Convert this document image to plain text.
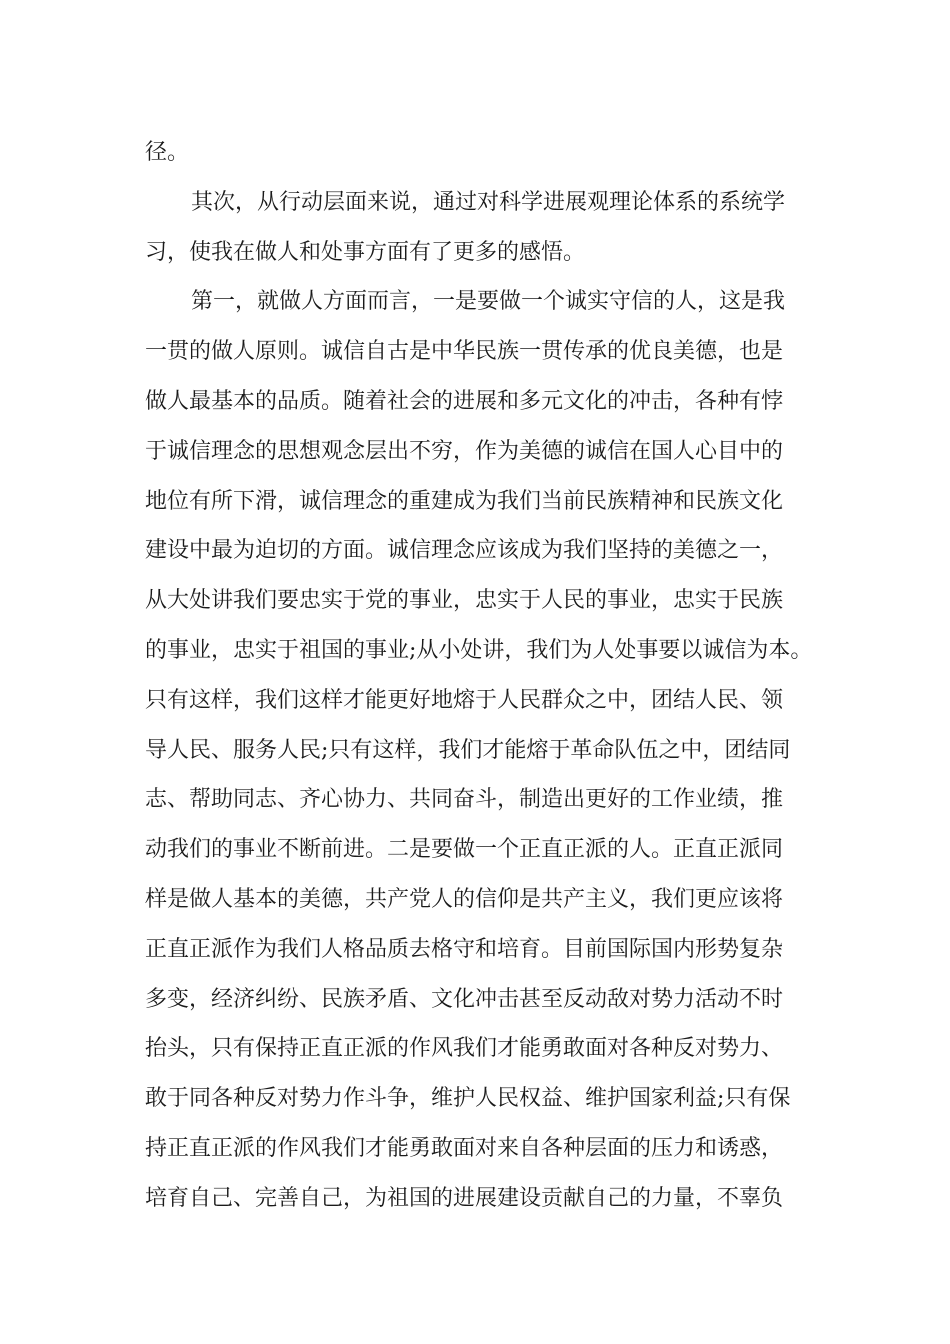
径。
其次，从行动层面来说，通过对科学进展观理论体系的系统学
习，使我在做人和处事方面有了更多的感悟。
第一，就做人方面而言，一是要做一个诚实守信的人，这是我
一贯的做人原则。诚信自古是中华民族一贯传承的优良美德，也是
做人最基本的品质。随着社会的进展和多元文化的冲击，各种有悖
于诚信理念的思想观念层出不穷，作为美德的诚信在国人心目中的
地位有所下滑，诚信理念的重建成为我们当前民族精神和民族文化
建设中最为迫切的方面。诚信理念应该成为我们坚持的美德之一，
从大处讲我们要忠实于党的事业，忠实于人民的事业，忠实于民族
的事业，忠实于祖国的事业;从小处讲，我们为人处事要以诚信为本。
只有这样，我们这样才能更好地熔于人民群众之中，团结人民、领
导人民、服务人民;只有这样，我们才能熔于革命队伍之中，团结同
志、帮助同志、齐心协力、共同奋斗，制造出更好的工作业绩，推
动我们的事业不断前进。二是要做一个正直正派的人。正直正派同
样是做人基本的美德，共产党人的信仰是共产主义，我们更应该将
正直正派作为我们人格品质去格守和培育。目前国际国内形势复杂
多变，经济纠纷、民族矛盾、文化冲击甚至反动敌对势力活动不时
抬头，只有保持正直正派的作风我们才能勇敢面对各种反对势力、
敢于同各种反对势力作斗争，维护人民权益、维护国家利益;只有保
持正直正派的作风我们才能勇敢面对来自各种层面的压力和诱惑，
培育自己、完善自己，为祖国的进展建设贡献自己的力量，不辜负
